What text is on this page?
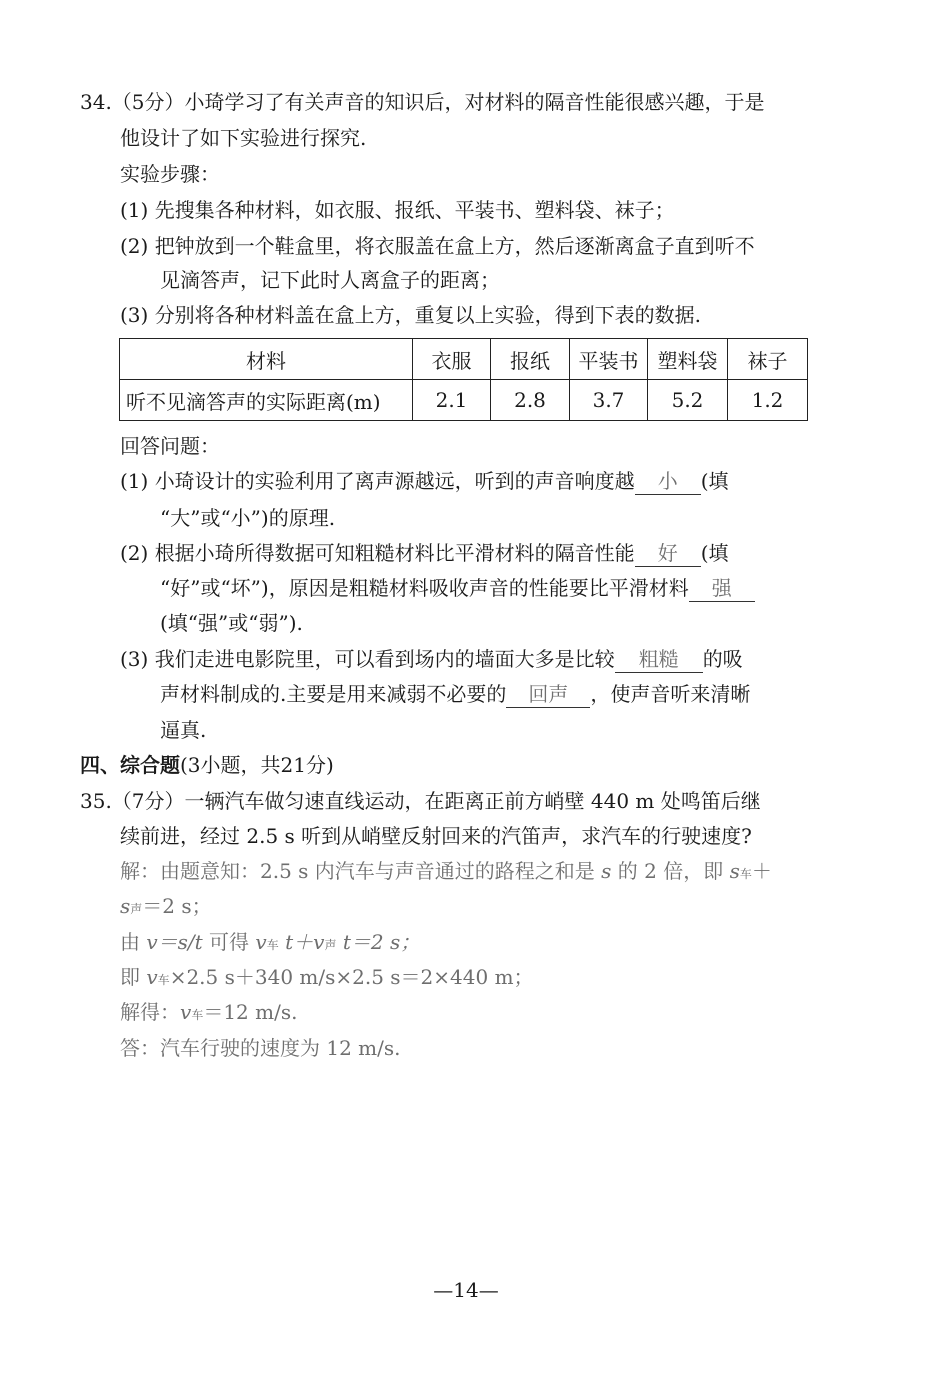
34.（5分）小琦学习了有关声音的知识后，对材料的隔音性能很感兴趣，于是
他设计了如下实验进行探究.
实验步骤：
(1) 先搜集各种材料，如衣服、报纸、平装书、塑料袋、袜子；
(2) 把钟放到一个鞋盒里，将衣服盖在盒上方，然后逐渐离盒子直到听不
见滴答声，记下此时人离盒子的距离；
(3) 分别将各种材料盖在盒上方，重复以上实验，得到下表的数据.
材料	衣服	报纸	平装书	塑料袋	袜子
听不见滴答声的实际距离(m)	2.1	2.8	3.7	5.2	1.2
回答问题：
(1) 小琦设计的实验利用了离声源越远，听到的声音响度越 小 (填
“大”或“小”)的原理.
(2) 根据小琦所得数据可知粗糙材料比平滑材料的隔音性能 好 (填
“好”或“坏”)，原因是粗糙材料吸收声音的性能要比平滑材料 强
(填“强”或“弱”).
(3) 我们走进电影院里，可以看到场内的墙面大多是比较 粗糙 的吸
声材料制成的.主要是用来减弱不必要的 回声 ，使声音听来清晰
逼真.
四、综合题(3小题，共21分)
35.（7分）一辆汽车做匀速直线运动，在距离正前方峭壁 440 m 处鸣笛后继
续前进，经过 2.5 s 听到从峭壁反射回来的汽笛声，求汽车的行驶速度?
解：由题意知：2.5 s 内汽车与声音通过的路程之和是 s 的 2 倍，即 s车＋
s声＝2 s；
由 v＝s/t 可得 v车 t＋v声 t＝2 s；
即 v车×2.5 s＋340 m/s×2.5 s＝2×440 m；
解得：v车＝12 m/s.
答：汽车行驶的速度为 12 m/s.
—14—
